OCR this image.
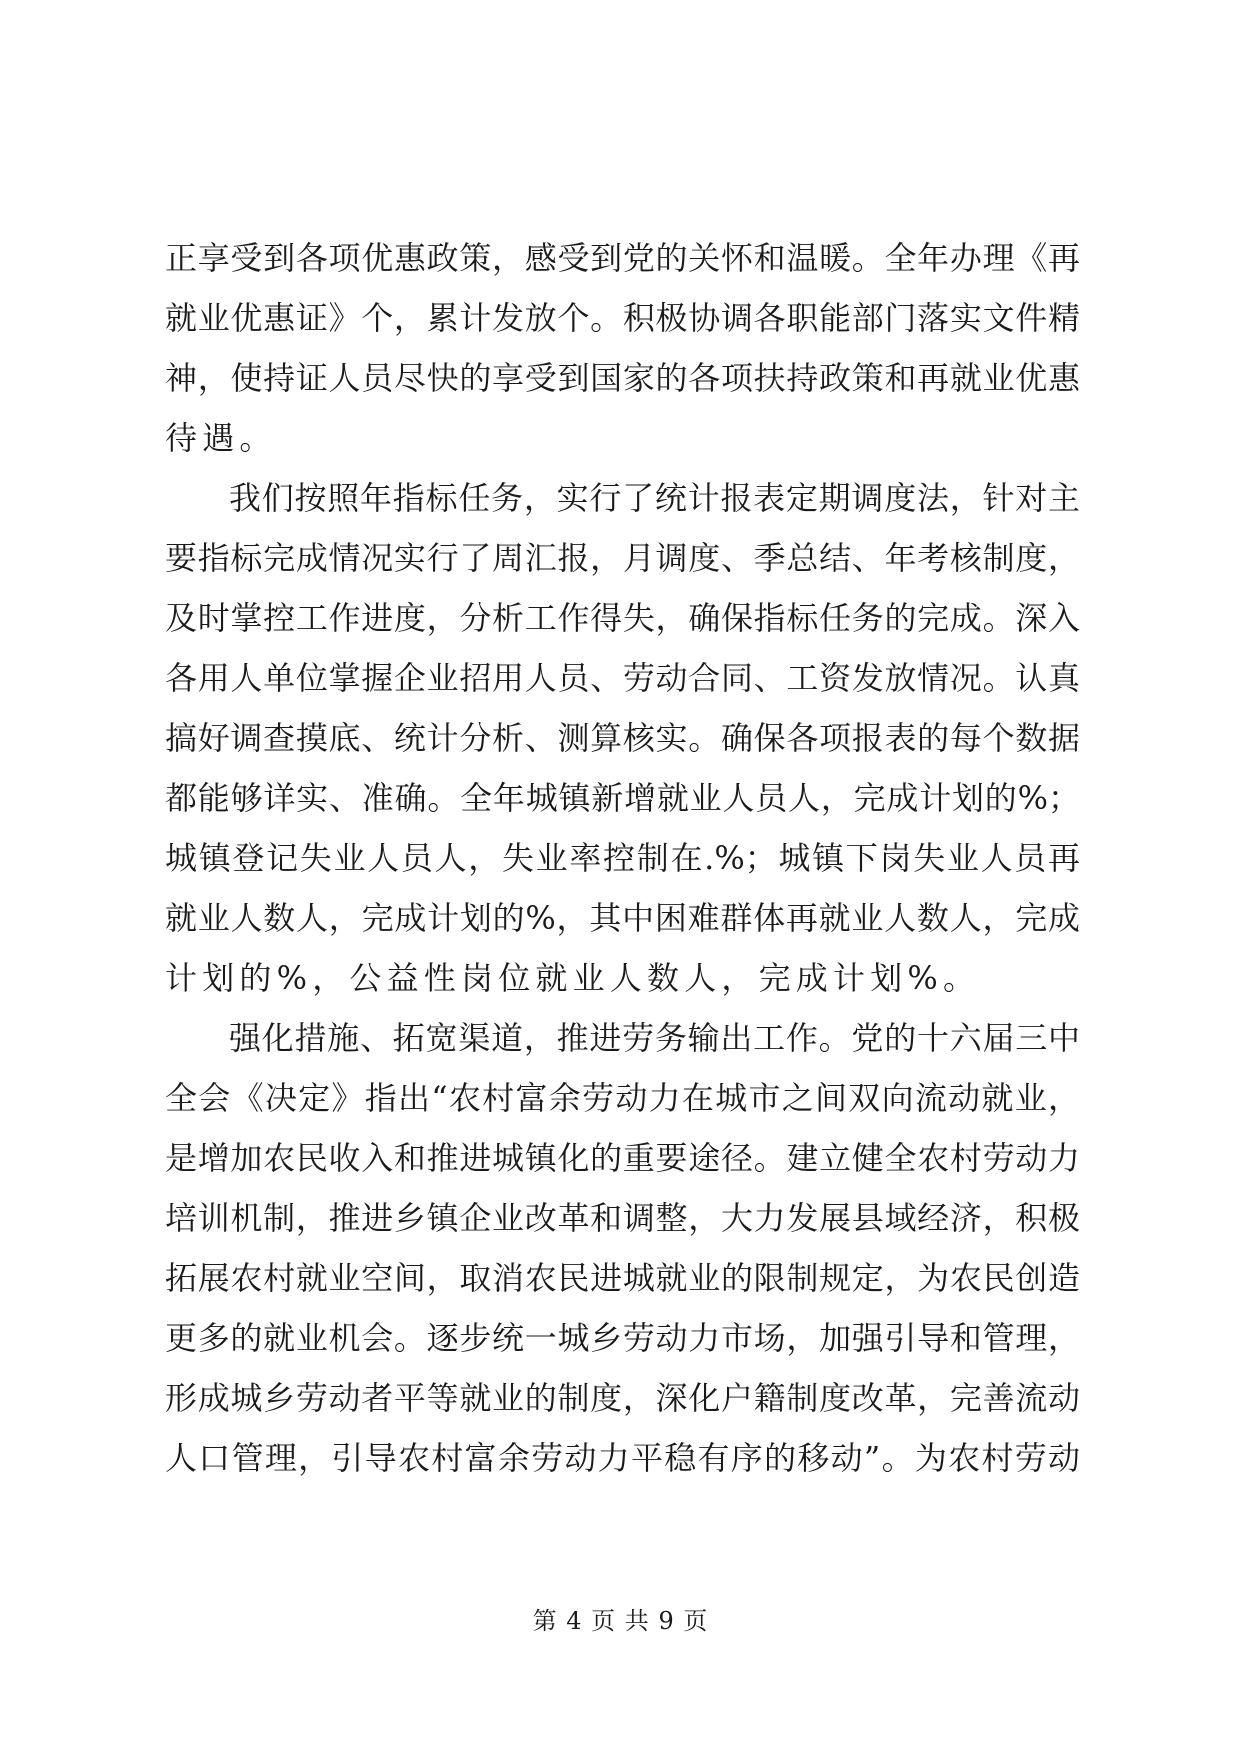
正享受到各项优惠政策，感受到党的关怀和温暖。全年办理《再
就业优惠证》个，累计发放个。积极协调各职能部门落实文件精
神，使持证人员尽快的享受到国家的各项扶持政策和再就业优惠
待遇。
我们按照年指标任务，实行了统计报表定期调度法，针对主
要指标完成情况实行了周汇报，月调度、季总结、年考核制度，
及时掌控工作进度，分析工作得失，确保指标任务的完成。深入
各用人单位掌握企业招用人员、劳动合同、工资发放情况。认真
搞好调查摸底、统计分析、测算核实。确保各项报表的每个数据
都能够详实、准确。全年城镇新增就业人员人，完成计划的%；
城镇登记失业人员人，失业率控制在.%；城镇下岗失业人员再
就业人数人，完成计划的%，其中困难群体再就业人数人，完成
计划的%，公益性岗位就业人数人，完成计划%。
强化措施、拓宽渠道，推进劳务输出工作。党的十六届三中
全会《决定》指出“农村富余劳动力在城市之间双向流动就业，
是增加农民收入和推进城镇化的重要途径。建立健全农村劳动力
培训机制，推进乡镇企业改革和调整，大力发展县域经济，积极
拓展农村就业空间，取消农民进城就业的限制规定，为农民创造
更多的就业机会。逐步统一城乡劳动力市场，加强引导和管理，
形成城乡劳动者平等就业的制度，深化户籍制度改革，完善流动
人口管理，引导农村富余劳动力平稳有序的移动”。为农村劳动
第 4 页 共 9 页
